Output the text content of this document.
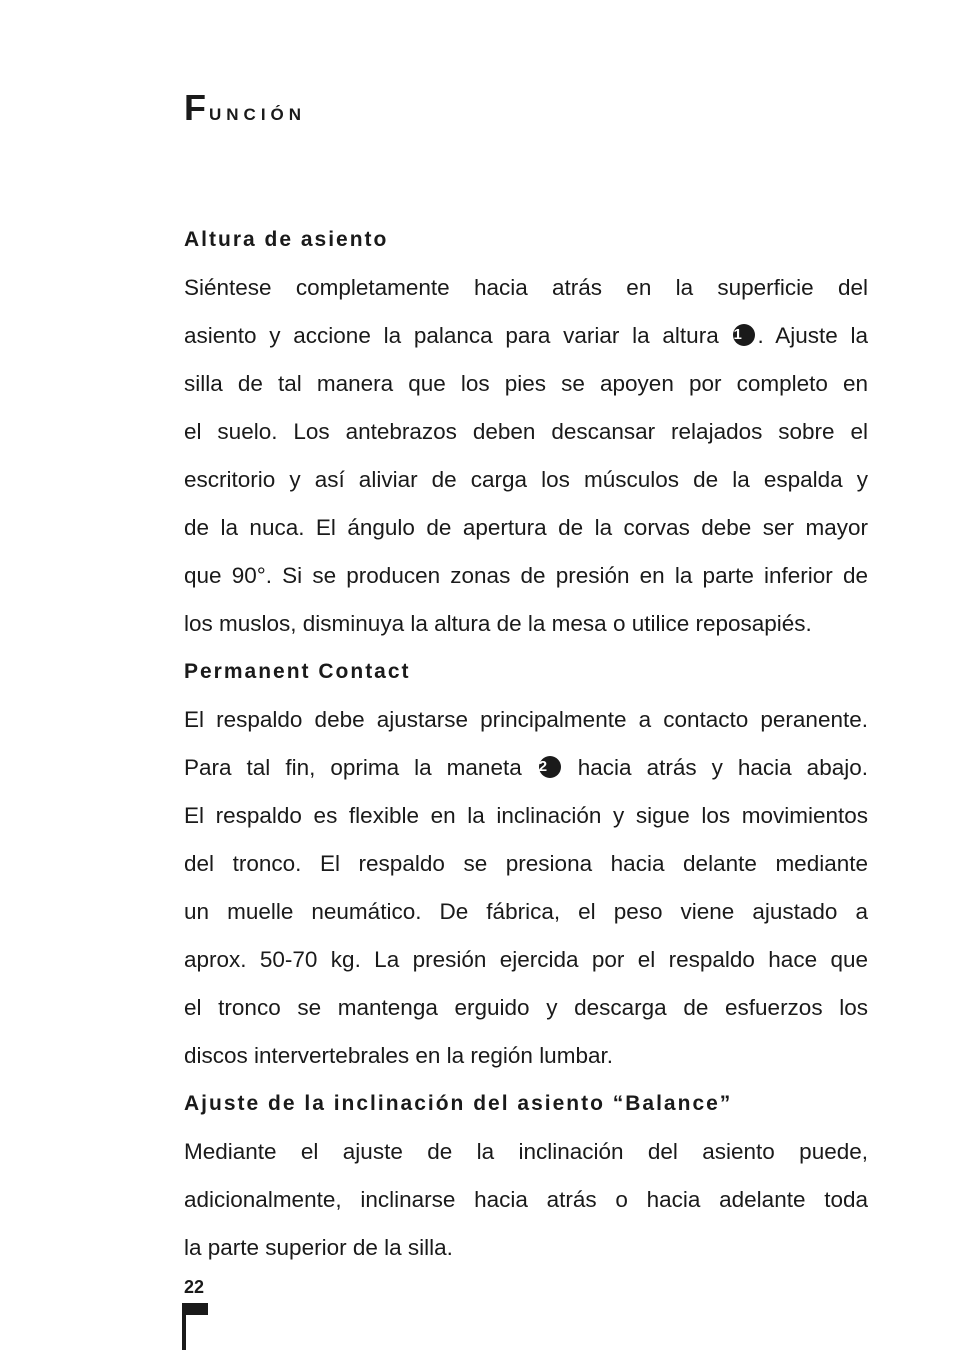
Función
Altura de asiento
Siéntese completamente hacia atrás en la superficie del
asiento y accione la palanca para variar la altura 1 . Ajuste la
silla de tal manera que los pies se apoyen por completo en
el suelo. Los antebrazos deben descansar relajados sobre el
escritorio y así aliviar de carga los músculos de la espalda y
de la nuca. El ángulo de apertura de la corvas debe ser mayor
que 90°. Si se producen zonas de presión en la parte inferior de
los muslos, disminuya la altura de la mesa o utilice reposapiés.
Permanent Contact
El respaldo debe ajustarse principalmente a contacto peranente.
Para tal fin, oprima la maneta 2 hacia atrás y hacia abajo.
El respaldo es flexible en la inclinación y sigue los movimientos
del tronco. El respaldo se presiona hacia delante mediante
un muelle neumático. De fábrica, el peso viene ajustado a
aprox. 50-70 kg. La presión ejercida por el respaldo hace que
el tronco se mantenga erguido y descarga de esfuerzos los
discos intervertebrales en la región lumbar.
Ajuste de la inclinación del asiento “Balance”
Mediante el ajuste de la inclinación del asiento puede,
adicionalmente, inclinarse hacia atrás o hacia adelante toda
la parte superior de la silla.
22
